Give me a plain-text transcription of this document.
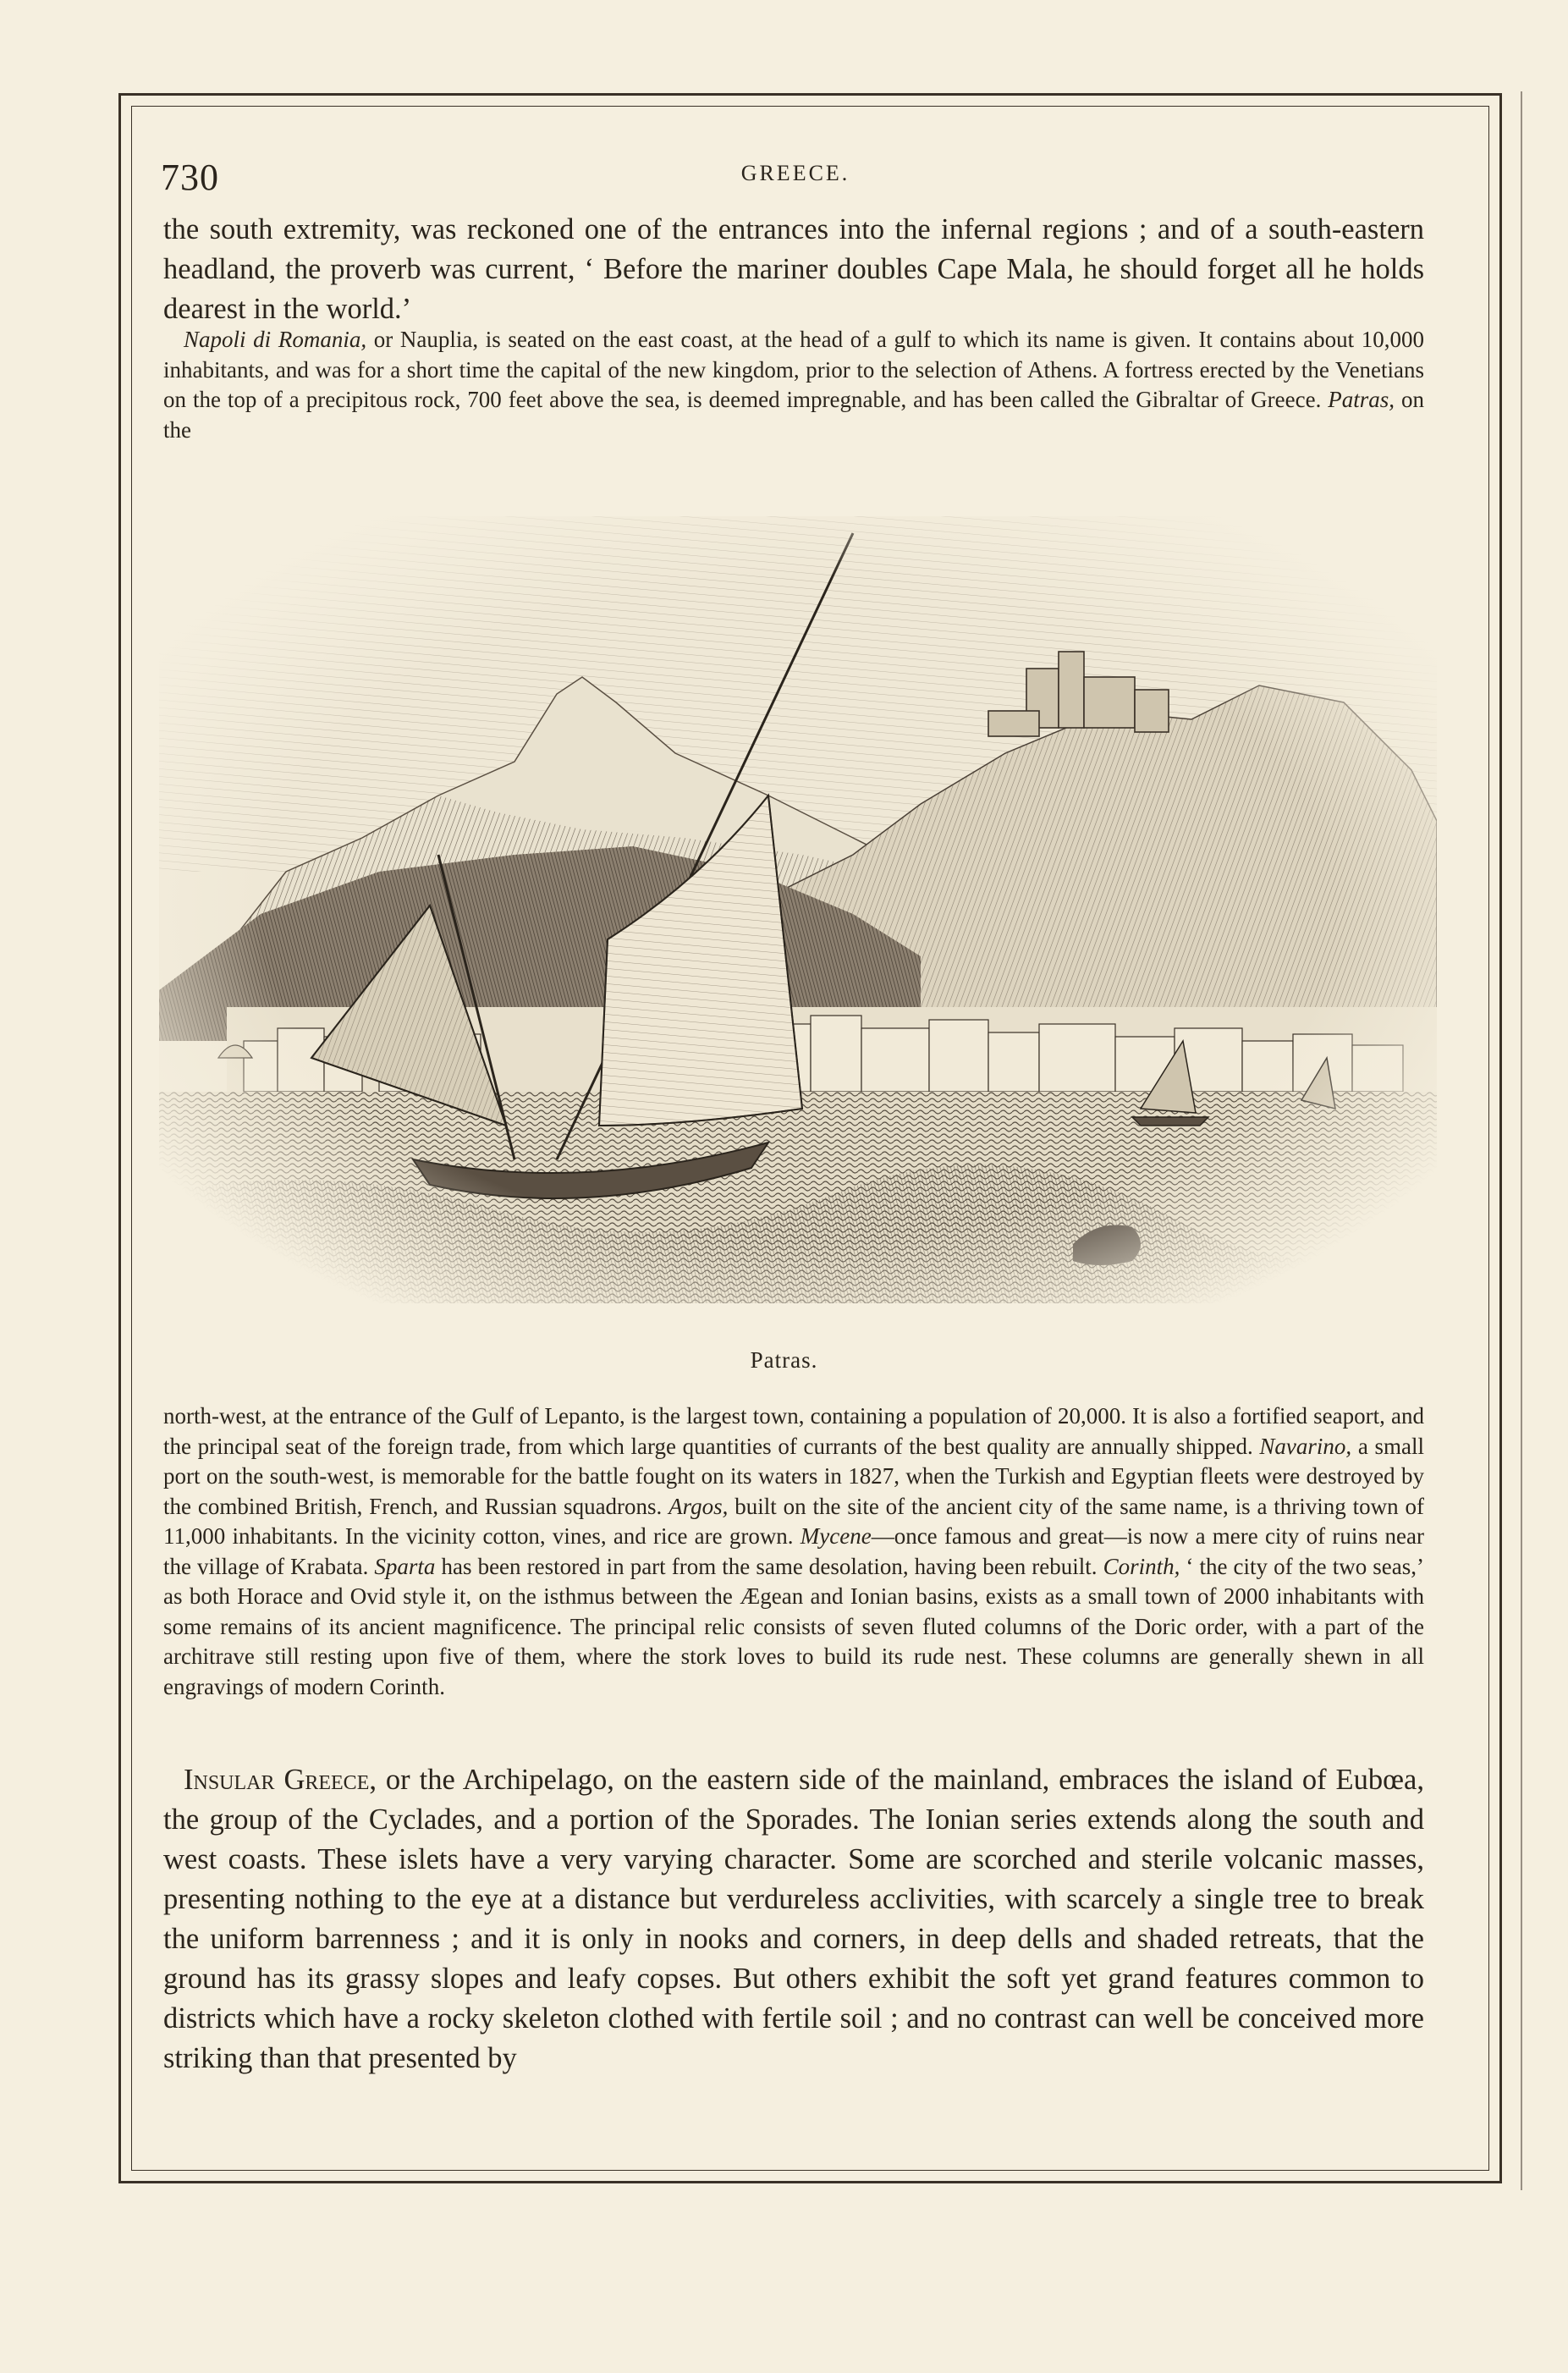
730	GREECE.

the south extremity, was reckoned one of the entrances into the infernal regions ; and of a south-eastern headland, the proverb was current, ‘ Before the mariner doubles Cape Mala, he should forget all he holds dearest in the world.’

Napoli di Romania, or Nauplia, is seated on the east coast, at the head of a gulf to which its name is given. It contains about 10,000 inhabitants, and was for a short time the capital of the new kingdom, prior to the selection of Athens. A fortress erected by the Venetians on the top of a precipitous rock, 700 feet above the sea, is deemed impregnable, and has been called the Gibraltar of Greece. Patras, on the

Patras.

north-west, at the entrance of the Gulf of Lepanto, is the largest town, containing a population of 20,000. It is also a fortified seaport, and the principal seat of the foreign trade, from which large quantities of currants of the best quality are annually shipped. Navarino, a small port on the south-west, is memorable for the battle fought on its waters in 1827, when the Turkish and Egyptian fleets were destroyed by the combined British, French, and Russian squadrons. Argos, built on the site of the ancient city of the same name, is a thriving town of 11,000 inhabitants. In the vicinity cotton, vines, and rice are grown. Mycene—once famous and great—is now a mere city of ruins near the village of Krabata. Sparta has been restored in part from the same desolation, having been rebuilt. Corinth, ‘ the city of the two seas,’ as both Horace and Ovid style it, on the isthmus between the Ægean and Ionian basins, exists as a small town of 2000 inhabitants with some remains of its ancient magnificence. The principal relic consists of seven fluted columns of the Doric order, with a part of the architrave still resting upon five of them, where the stork loves to build its rude nest. These columns are generally shewn in all engravings of modern Corinth.

Insular Greece, or the Archipelago, on the eastern side of the mainland, embraces the island of Eubœa, the group of the Cyclades, and a portion of the Sporades. The Ionian series extends along the south and west coasts. These islets have a very varying character. Some are scorched and sterile volcanic masses, presenting nothing to the eye at a distance but verdureless acclivities, with scarcely a single tree to break the uniform barrenness ; and it is only in nooks and corners, in deep dells and shaded retreats, that the ground has its grassy slopes and leafy copses. But others exhibit the soft yet grand features common to districts which have a rocky skeleton clothed with fertile soil ; and no contrast can well be conceived more striking than that presented by
